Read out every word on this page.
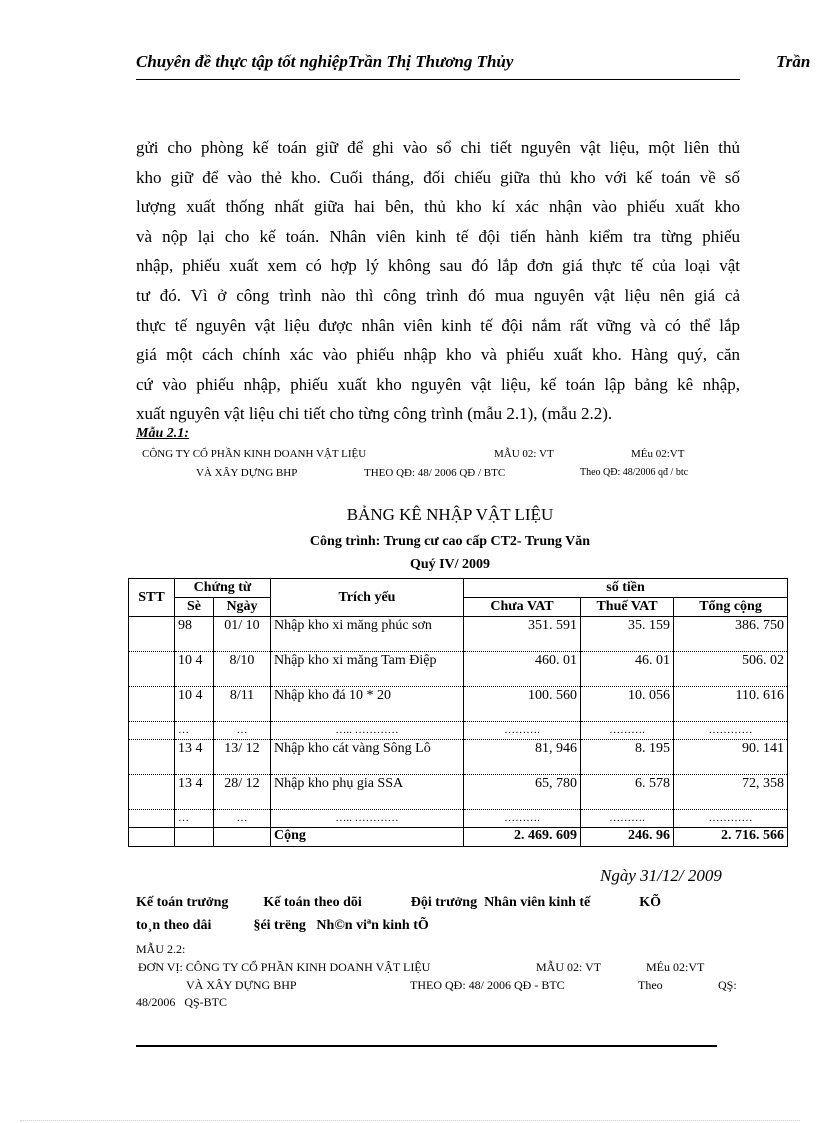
Chuyên đề thực tập tốt nghiệpTrần Thị Thương Thủy	Trần
gửi cho phòng kế toán giữ để ghi vào sổ chi tiết nguyên vật liệu, một liên thủ
kho giữ để vào thẻ kho. Cuối tháng, đối chiếu giữa thủ kho với kế toán về số
lượng xuất thống nhất giữa hai bên, thủ kho kí xác nhận vào phiếu xuất kho
và nộp lại cho kế toán. Nhân viên kinh tế đội tiến hành kiểm tra từng phiếu
nhập, phiếu xuất xem có hợp lý không sau đó lắp đơn giá thực tế của loại vật
tư đó. Vì ở công trình nào thì công trình đó mua nguyên vật liệu nên giá cả
thực tế nguyên vật liệu được nhân viên kinh tế đội nắm rất vững và có thể lắp
giá một cách chính xác vào phiếu nhập kho và phiếu xuất kho. Hàng quý, căn
cứ vào phiếu nhập, phiếu xuất kho nguyên vật liệu, kế toán lập bảng kê nhập,
xuất nguyên vật liệu chi tiết cho từng công trình (mẫu 2.1), (mẫu 2.2).
Mẫu 2.1:
CÔNG TY CỔ PHẦN KINH DOANH VẬT LIỆU	MẪU 02: VT	MÉu 02:VT
VÀ XÂY DỰNG BHP	THEO QĐ: 48/ 2006 QĐ / BTC	Theo QĐ: 48/2006 qđ / btc
BẢNG KÊ NHẬP VẬT LIỆU
Công trình: Trung cư cao cấp CT2- Trung Văn
Quý IV/ 2009
STT	Chứng từ		Trích yếu	số tiền		
	Sè	Ngày		Chưa VAT	Thuế VAT	Tổng cộng
	98	01/ 10	Nhập kho xi măng phúc sơn	351. 591	35. 159	386. 750
	10 4	8/10	Nhập kho xi măng Tam Điệp	460. 01	46. 01	506. 02
	10 4	8/11	Nhập kho đá 10 * 20	100. 560	10. 056	110. 616
	…	…	….. …………	……….	……….	…………
	13 4	13/ 12	Nhập kho cát vàng Sông Lô	81, 946	8. 195	90. 141
	13 4	28/ 12	Nhập kho phụ gia SSA	65, 780	6. 578	72, 358
	…	…	….. …………	……….	……….	…………
			Cộng	2. 469. 609	246. 96	2. 716. 566
Ngày 31/12/ 2009
Kế toán trưởng          Kế toán theo dõi              Đội trưởng  Nhân viên kinh tế              KÕ
to¸n theo dâi            §éi trëng   Nh©n viªn kinh tÕ
MẪU 2.2:
ĐƠN VỊ: CÔNG TY CỔ PHẦN KINH DOANH VẬT LIỆU	MẪU 02: VT	MÉu 02:VT
VÀ XÂY DỰNG BHP	THEO QĐ: 48/ 2006 QĐ - BTC	Theo	QŞ:
48/2006   QŞ-BTC
